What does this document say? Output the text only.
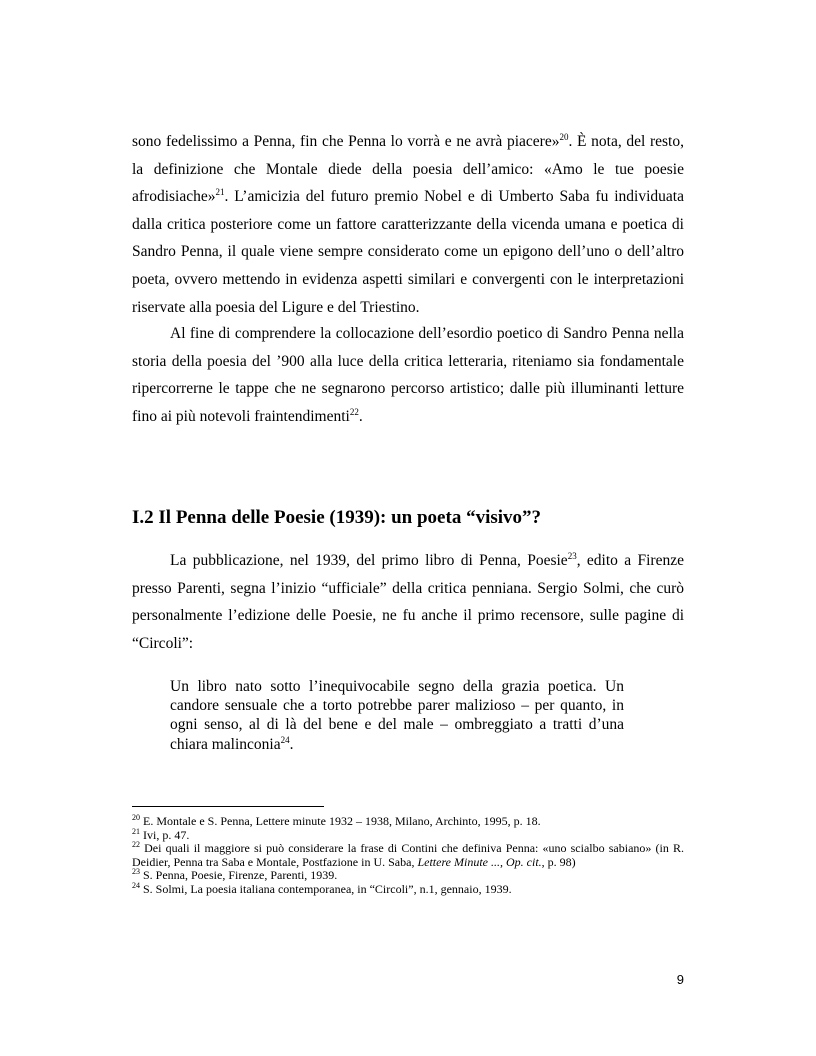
sono fedelissimo a Penna, fin che Penna lo vorrà e ne avrà piacere»$^{20}$. È nota, del resto, la definizione che Montale diede della poesia dell’amico: «Amo le tue poesie afrodisiache»$^{21}$. L’amicizia del futuro premio Nobel e di Umberto Saba fu individuata dalla critica posteriore come un fattore caratterizzante della vicenda umana e poetica di Sandro Penna, il quale viene sempre considerato come un epigono dell’uno o dell’altro poeta, ovvero mettendo in evidenza aspetti similari e convergenti con le interpretazioni riservate alla poesia del Ligure e del Triestino.

Al fine di comprendere la collocazione dell’esordio poetico di Sandro Penna nella storia della poesia del ’900 alla luce della critica letteraria, riteniamo sia fondamentale ripercorrerne le tappe che ne segnarono percorso artistico; dalle più illuminanti letture fino ai più notevoli fraintendimenti$^{22}$.

I.2 Il Penna delle Poesie (1939): un poeta “visivo”?

La pubblicazione, nel 1939, del primo libro di Penna, Poesie$^{23}$, edito a Firenze presso Parenti, segna l’inizio “ufficiale” della critica penniana. Sergio Solmi, che curò personalmente l’edizione delle Poesie, ne fu anche il primo recensore, sulle pagine di “Circoli”:

Un libro nato sotto l’inequivocabile segno della grazia poetica. Un candore sensuale che a torto potrebbe parer malizioso – per quanto, in ogni senso, al di là del bene e del male – ombreggiato a tratti d’una chiara malinconia$^{24}$.

$^{20}$ E. Montale e S. Penna, Lettere minute 1932 – 1938, Milano, Archinto, 1995, p. 18.

$^{21}$ Ivi, p. 47.

$^{22}$ Dei quali il maggiore si può considerare la frase di Contini che definiva Penna: «uno scialbo sabiano» (in R. Deidier, Penna tra Saba e Montale, Postfazione in U. Saba, Lettere Minute ..., Op. cit., p. 98)

$^{23}$ S. Penna, Poesie, Firenze, Parenti, 1939.

$^{24}$ S. Solmi, La poesia italiana contemporanea, in “Circoli”, n.1, gennaio, 1939.

9
